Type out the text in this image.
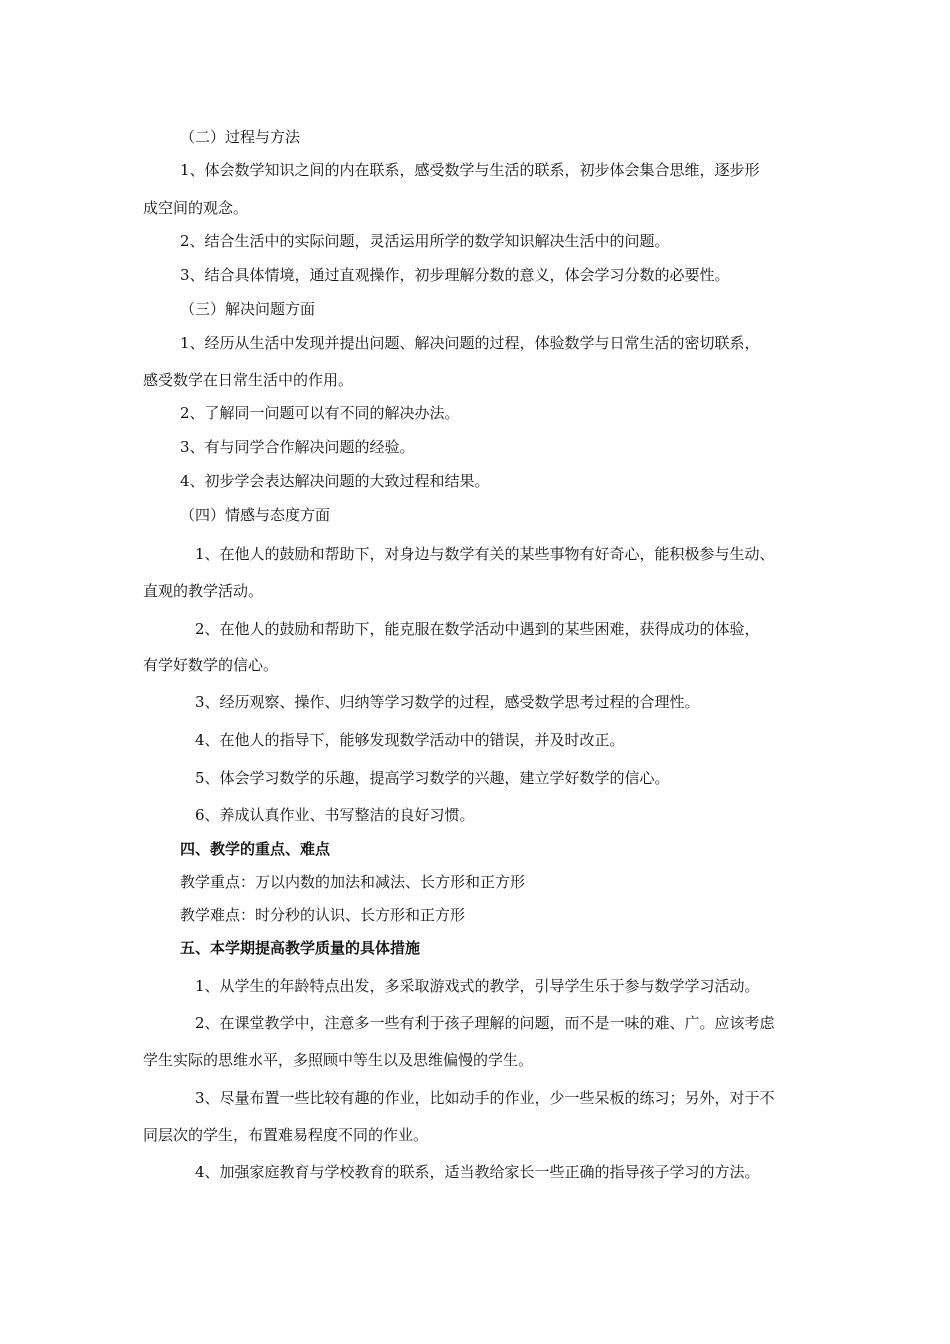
（二）过程与方法
1、体会数学知识之间的内在联系，感受数学与生活的联系，初步体会集合思维，逐步形
成空间的观念。
2、结合生活中的实际问题，灵活运用所学的数学知识解决生活中的问题。
3、结合具体情境，通过直观操作，初步理解分数的意义，体会学习分数的必要性。
（三）解决问题方面
1、经历从生活中发现并提出问题、解决问题的过程，体验数学与日常生活的密切联系，
感受数学在日常生活中的作用。
2、了解同一问题可以有不同的解决办法。
3、有与同学合作解决问题的经验。
4、初步学会表达解决问题的大致过程和结果。
（四）情感与态度方面
1、在他人的鼓励和帮助下，对身边与数学有关的某些事物有好奇心，能积极参与生动、
直观的教学活动。
2、在他人的鼓励和帮助下，能克服在数学活动中遇到的某些困难，获得成功的体验，
有学好数学的信心。
3、经历观察、操作、归纳等学习数学的过程，感受数学思考过程的合理性。
4、在他人的指导下，能够发现数学活动中的错误，并及时改正。
5、体会学习数学的乐趣，提高学习数学的兴趣，建立学好数学的信心。
6、养成认真作业、书写整洁的良好习惯。
四、教学的重点、难点
教学重点：万以内数的加法和减法、长方形和正方形
教学难点：时分秒的认识、长方形和正方形
五、本学期提高教学质量的具体措施
1、从学生的年龄特点出发，多采取游戏式的教学，引导学生乐于参与数学学习活动。
2、在课堂教学中，注意多一些有利于孩子理解的问题，而不是一味的难、广。应该考虑
学生实际的思维水平，多照顾中等生以及思维偏慢的学生。
3、尽量布置一些比较有趣的作业，比如动手的作业，少一些呆板的练习；另外，对于不
同层次的学生，布置难易程度不同的作业。
4、加强家庭教育与学校教育的联系，适当教给家长一些正确的指导孩子学习的方法。
